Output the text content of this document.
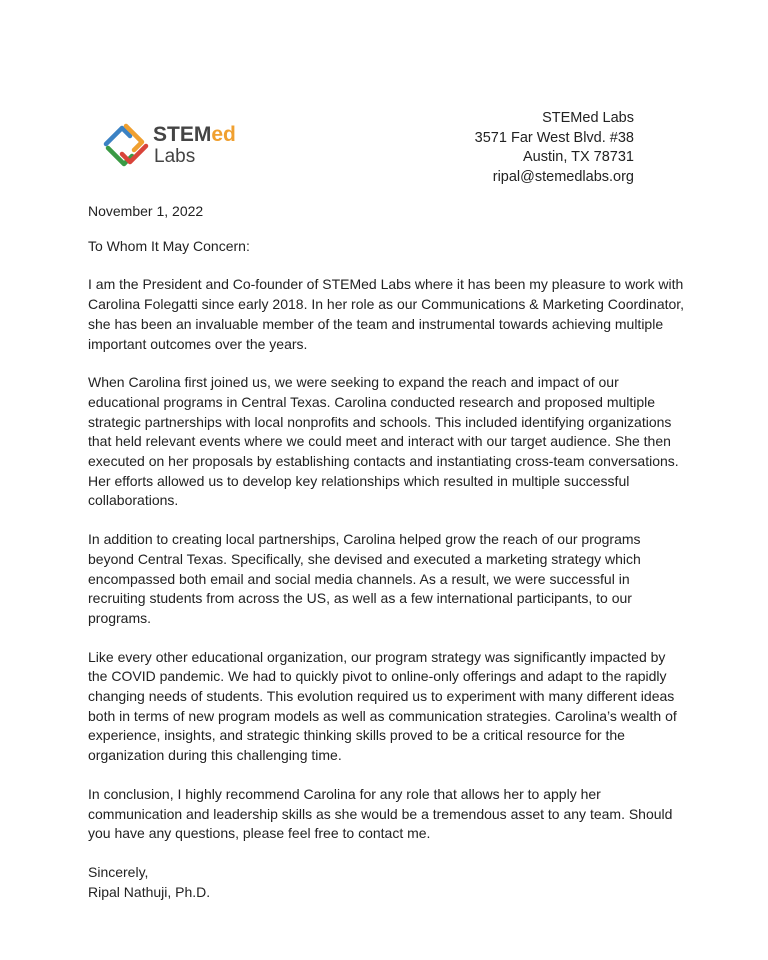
STEMed
Labs
STEMed Labs
3571 Far West Blvd. #38
Austin, TX 78731
ripal@stemedlabs.org

November 1, 2022

To Whom It May Concern:

I am the President and Co-founder of STEMed Labs where it has been my pleasure to work with Carolina Folegatti since early 2018. In her role as our Communications & Marketing Coordinator, she has been an invaluable member of the team and instrumental towards achieving multiple important outcomes over the years.

When Carolina first joined us, we were seeking to expand the reach and impact of our educational programs in Central Texas. Carolina conducted research and proposed multiple strategic partnerships with local nonprofits and schools. This included identifying organizations that held relevant events where we could meet and interact with our target audience. She then executed on her proposals by establishing contacts and instantiating cross-team conversations. Her efforts allowed us to develop key relationships which resulted in multiple successful collaborations.

In addition to creating local partnerships, Carolina helped grow the reach of our programs beyond Central Texas. Specifically, she devised and executed a marketing strategy which encompassed both email and social media channels. As a result, we were successful in recruiting students from across the US, as well as a few international participants, to our programs.

Like every other educational organization, our program strategy was significantly impacted by the COVID pandemic. We had to quickly pivot to online-only offerings and adapt to the rapidly changing needs of students. This evolution required us to experiment with many different ideas both in terms of new program models as well as communication strategies. Carolina’s wealth of experience, insights, and strategic thinking skills proved to be a critical resource for the organization during this challenging time.

In conclusion, I highly recommend Carolina for any role that allows her to apply her communication and leadership skills as she would be a tremendous asset to any team. Should you have any questions, please feel free to contact me.

Sincerely,

Ripal Nathuji, Ph.D.
